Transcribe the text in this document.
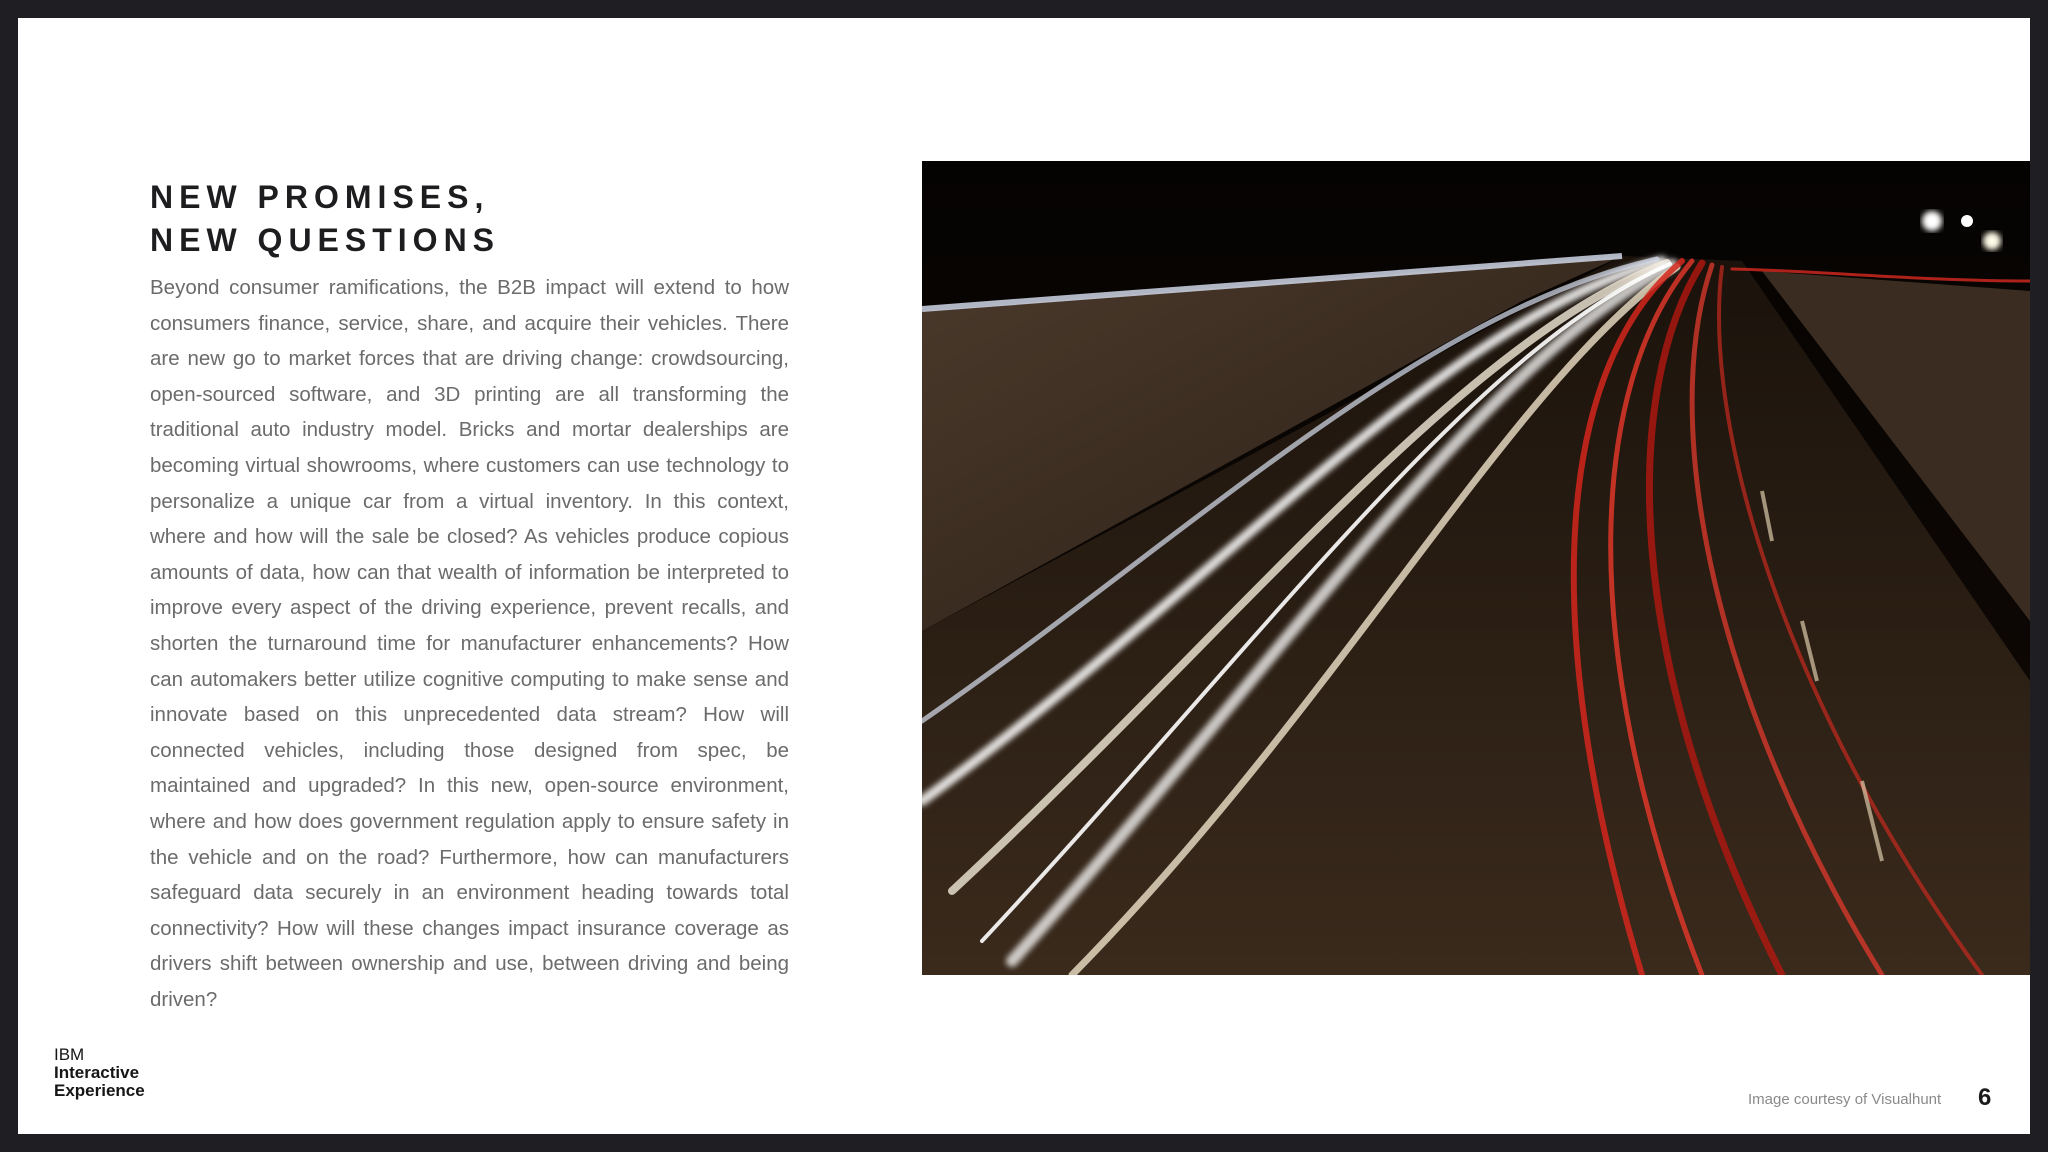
NEW PROMISES,
NEW QUESTIONS

Beyond consumer ramifications, the B2B impact will extend to how consumers finance, service, share, and acquire their vehicles. There are new go to market forces that are driving change: crowdsourcing, open-sourced software, and 3D printing are all transforming the traditional auto industry model. Bricks and mortar dealerships are becoming virtual showrooms, where customers can use technology to personalize a unique car from a virtual inventory. In this context, where and how will the sale be closed? As vehicles produce copious amounts of data, how can that wealth of information be interpreted to improve every aspect of the driving experience, prevent recalls, and shorten the turnaround time for manufacturer enhancements? How can automakers better utilize cognitive computing to make sense and innovate based on this unprecedented data stream? How will connected vehicles, including those designed from spec, be maintained and upgraded? In this new, open-source environment, where and how does government regulation apply to ensure safety in the vehicle and on the road? Furthermore, how can manufacturers safeguard data securely in an environment heading towards total connectivity? How will these changes impact insurance coverage as drivers shift between ownership and use, between driving and being driven?

IBM
Interactive
Experience	Image courtesy of Visualhunt 6
